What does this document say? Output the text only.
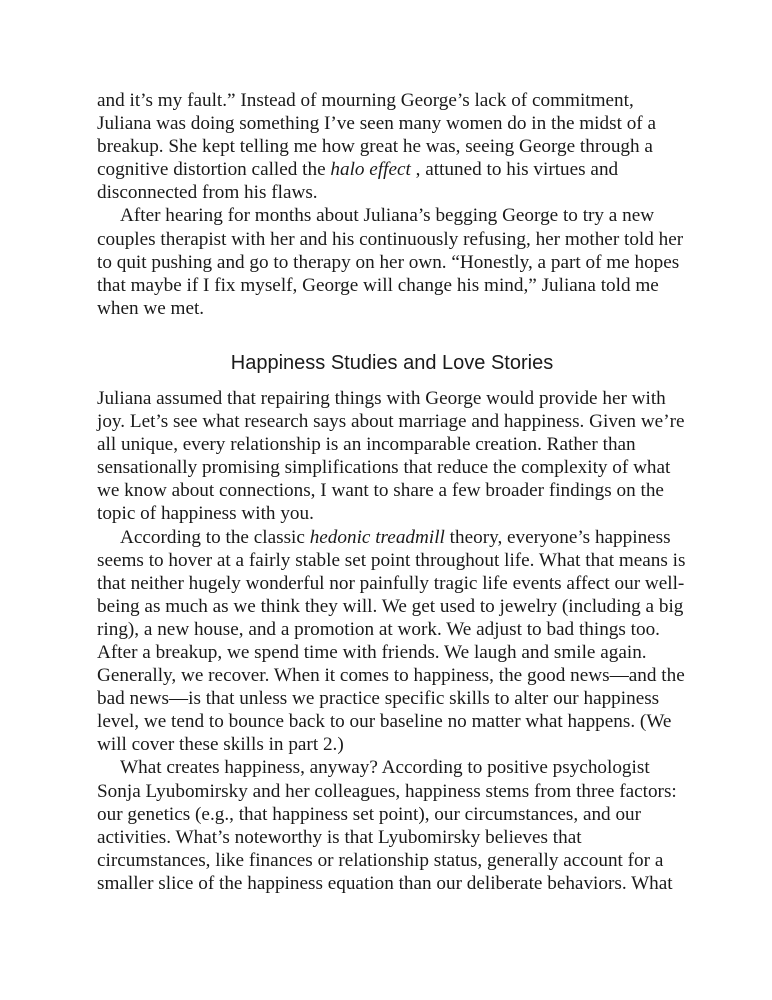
and it’s my fault.” Instead of mourning George’s lack of commitment, Juliana was doing something I’ve seen many women do in the midst of a breakup. She kept telling me how great he was, seeing George through a cognitive distortion called the halo effect , attuned to his virtues and disconnected from his flaws.

After hearing for months about Juliana’s begging George to try a new couples therapist with her and his continuously refusing, her mother told her to quit pushing and go to therapy on her own. “Honestly, a part of me hopes that maybe if I fix myself, George will change his mind,” Juliana told me when we met.

Happiness Studies and Love Stories

Juliana assumed that repairing things with George would provide her with joy. Let’s see what research says about marriage and happiness. Given we’re all unique, every relationship is an incomparable creation. Rather than sensationally promising simplifications that reduce the complexity of what we know about connections, I want to share a few broader findings on the topic of happiness with you.

According to the classic hedonic treadmill theory, everyone’s happiness seems to hover at a fairly stable set point throughout life. What that means is that neither hugely wonderful nor painfully tragic life events affect our well-being as much as we think they will. We get used to jewelry (including a big ring), a new house, and a promotion at work. We adjust to bad things too. After a breakup, we spend time with friends. We laugh and smile again. Generally, we recover. When it comes to happiness, the good news—and the bad news—is that unless we practice specific skills to alter our happiness level, we tend to bounce back to our baseline no matter what happens. (We will cover these skills in part 2.)

What creates happiness, anyway? According to positive psychologist Sonja Lyubomirsky and her colleagues, happiness stems from three factors: our genetics (e.g., that happiness set point), our circumstances, and our activities. What’s noteworthy is that Lyubomirsky believes that circumstances, like finances or relationship status, generally account for a smaller slice of the happiness equation than our deliberate behaviors. What
